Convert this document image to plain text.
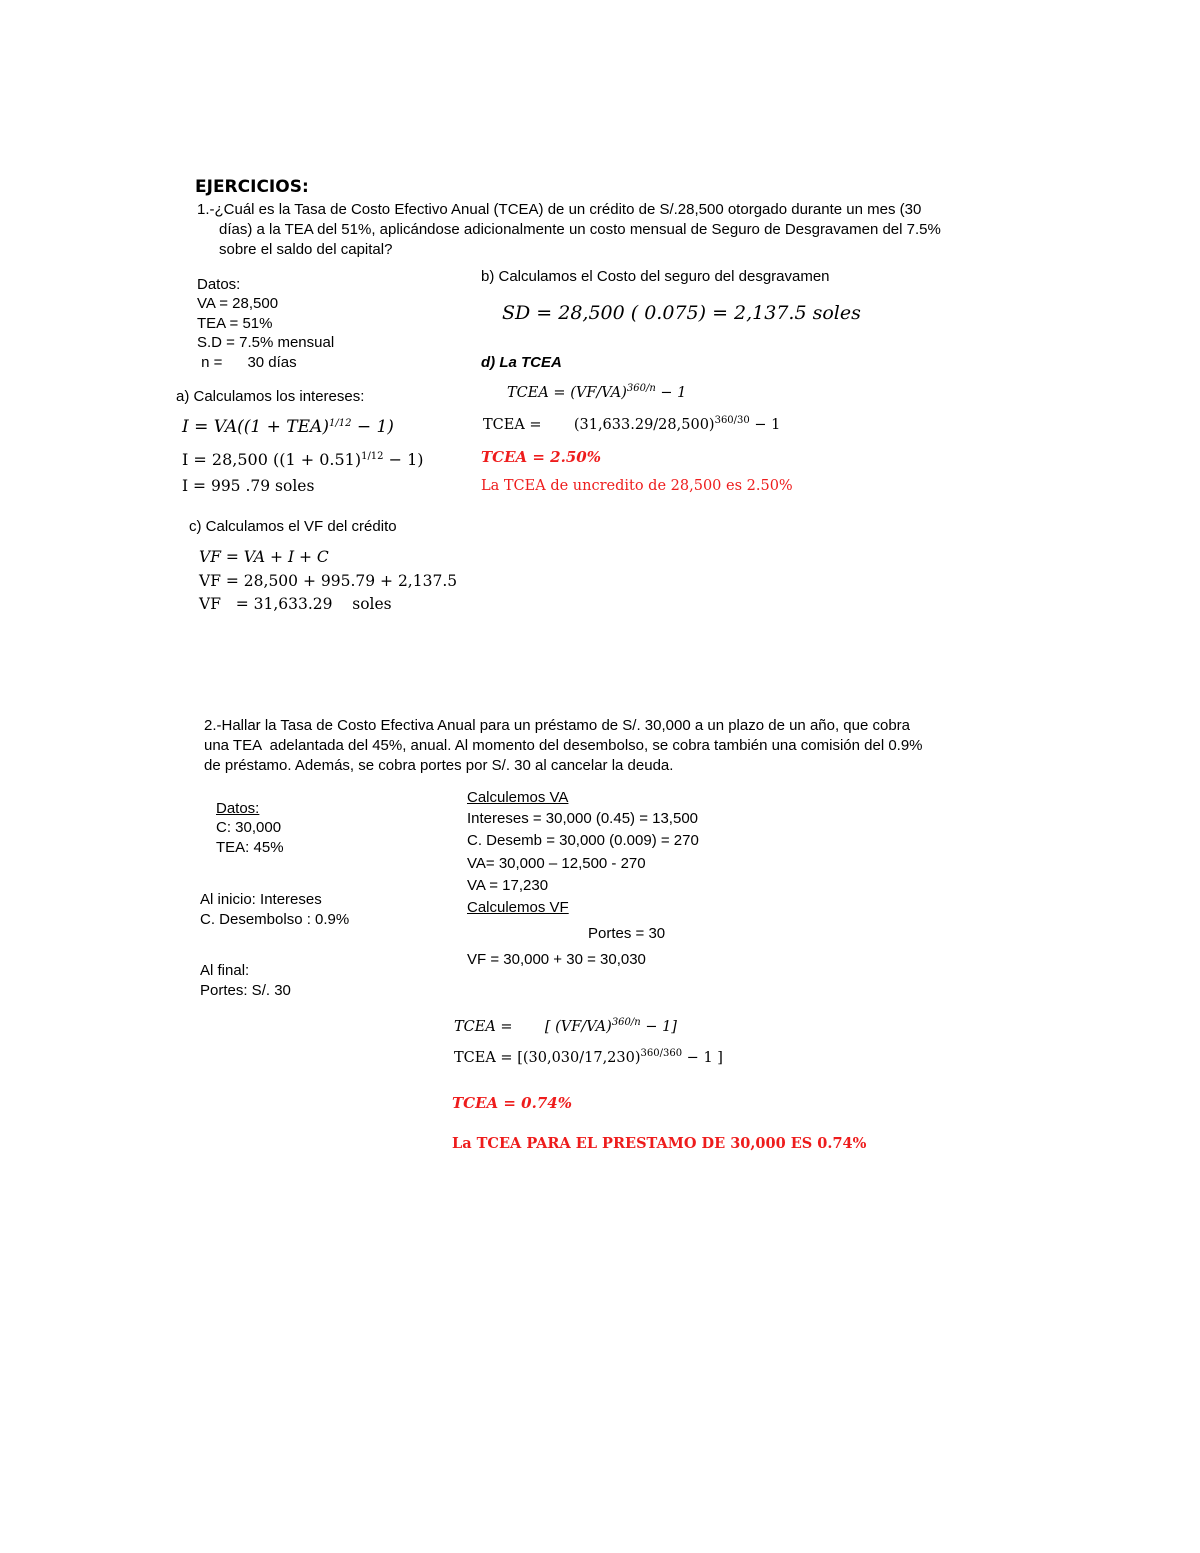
EJERCICIOS:
1.-¿Cuál es la Tasa de Costo Efectivo Anual (TCEA) de un crédito de S/.28,500 otorgado durante un mes (30
días) a la TEA del 51%, aplicándose adicionalmente un costo mensual de Seguro de Desgravamen del 7.5%
sobre el saldo del capital?
Datos:
VA = 28,500
TEA = 51%
S.D = 7.5% mensual
n =      30 días
a) Calculamos los intereses:
I = VA((1 + TEA)$^{1/12}$ − 1)
I = 28,500 $((1 + 0.51)^{1/12} - 1)$
I = 995 .79 soles
b) Calculamos el Costo del seguro del desgravamen
SD = 28,500 ( 0.075) = 2,137.5 soles
d) La TCEA
TCEA = $(VF/VA)^{360/n} - 1$
TCEA =       $(31,633.29/28,500)^{360/30} - 1$
TCEA = 2.50%
La TCEA de uncredito de 28,500 es 2.50%
c) Calculamos el VF del crédito
VF = VA + I + C
VF = 28,500 + 995.79 + 2,137.5
VF   = 31,633.29    soles
2.-Hallar la Tasa de Costo Efectiva Anual para un préstamo de S/. 30,000 a un plazo de un año, que cobra
una TEA  adelantada del 45%, anual. Al momento del desembolso, se cobra también una comisión del 0.9%
de préstamo. Además, se cobra portes por S/. 30 al cancelar la deuda.
Datos:
C: 30,000
TEA: 45%
Al inicio: Intereses
C. Desembolso : 0.9%
Al final:
Portes: S/. 30
Calculemos VA
Intereses = 30,000 (0.45) = 13,500
C. Desemb = 30,000 (0.009) = 270
VA= 30,000 – 12,500 - 270
VA = 17,230
Calculemos VF
Portes = 30
VF = 30,000 + 30 = 30,030
TCEA =       [ $(VF/VA)^{360/n} - 1$]
TCEA = [$(30,030/17,230)^{360/360} - 1$ ]
TCEA = 0.74%
La TCEA PARA EL PRESTAMO DE 30,000 ES 0.74%
